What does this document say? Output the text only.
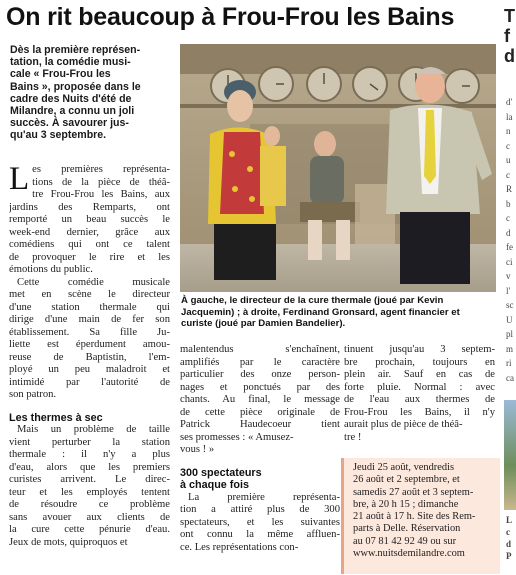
On rit beaucoup à Frou-Frou les Bains
Dès la première représen-
tation, la comédie musi-
cale « Frou-Frou les
Bains », proposée dans le
cadre des Nuits d'été de
Milandre, a connu un joli
succès. À savourer jus-
qu'au 3 septembre.
L es premières représenta-
tions de la pièce de théâ-
tre Frou-Frou les Bains, aux
jardins des Remparts, ont
remporté un beau succès le
week-end dernier, grâce aux
comédiens qui ont ce talent
de provoquer le rire et les
émotions du public.
Cette comédie musicale
met en scène le directeur
d'une station thermale qui
dirige d'une main de fer son
établissement. Sa fille Ju-
liette est éperdument amou-
reuse de Baptistin, l'em-
ployé un peu maladroit et
intimidé par l'autorité de
son patron.
Les thermes à sec
Mais un problème de taille
vient perturber la station
thermale : il n'y a plus
d'eau, alors que les premiers
curistes arrivent. Le direc-
teur et les employés tentent
de résoudre ce problème
sans avouer aux clients de
la cure cette pénurie d'eau.
Jeux de mots, quiproquos et
À gauche, le directeur de la cure thermale (joué par Kevin
Jacquemin) ; à droite, Ferdinand Gronsard, agent financier et
curiste (joué par Damien Bandelier).
malentendus s'enchaînent,
amplifiés par le caractère
particulier des onze person-
nages et ponctués par des
chants. Au final, le message
de cette pièce originale de
Patrick Haudecoeur tient
ses promesses : « Amusez-
vous ! »
300 spectateurs
à chaque fois
La première représenta-
tion a attiré plus de 300
spectateurs, et les suivantes
ont connu la même affluen-
ce. Les représentations con-
tinuent jusqu'au 3 septem-
bre prochain, toujours en
plein air. Sauf en cas de
forte pluie. Normal : avec
de l'eau aux thermes de
Frou-Frou les Bains, il n'y
aurait plus de pièce de théâ-
tre !
Jeudi 25 août, vendredis
26 août et 2 septembre, et
samedis 27 août et 3 septem-
bre, à 20 h 15 ; dimanche
21 août à 17 h. Site des Rem-
parts à Delle. Réservation
au 07 81 42 92 49 ou sur
www.nuitsdemilandre.com
T
f
d
d'
la
n
c
u
c
R
b
c
d
fe
ci
v
l'
sc
U
pl
m
ri
ca
L
c
d
P
